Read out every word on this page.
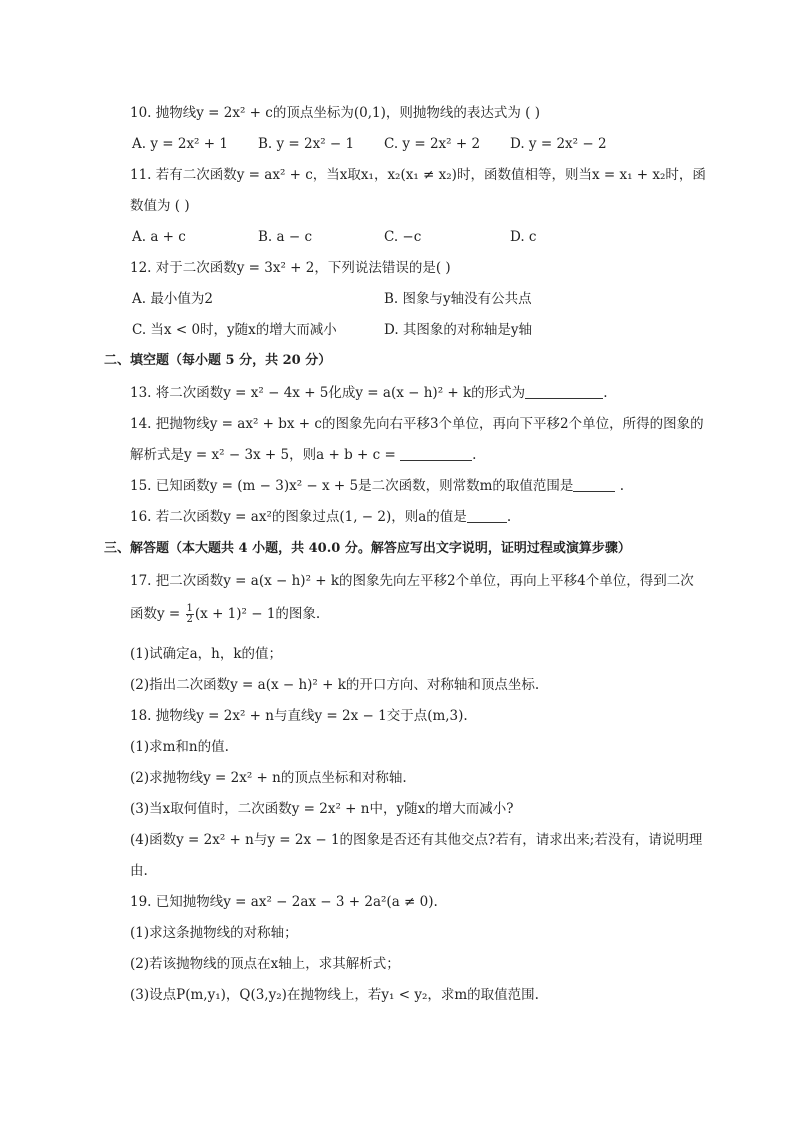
10. 抛物线y = 2x² + c的顶点坐标为(0,1)，则抛物线的表达式为 ( )
A. y = 2x² + 1 B. y = 2x² − 1 C. y = 2x² + 2 D. y = 2x² − 2
11. 若有二次函数y = ax² + c，当x取x₁，x₂(x₁ ≠ x₂)时，函数值相等，则当x = x₁ + x₂时，函
数值为 ( )
A. a + c	B. a − c	C. −c	D. c
12. 对于二次函数y = 3x² + 2，下列说法错误的是( )
A. 最小值为2	B. 图象与y轴没有公共点
C. 当x < 0时，y随x的增大而减小	D. 其图象的对称轴是y轴
二、填空题（每小题 5 分，共 20 分）
13. 将二次函数y = x² − 4x + 5化成y = a(x − h)² + k的形式为	.
14. 把抛物线y = ax² + bx + c的图象先向右平移3个单位，再向下平移2个单位，所得的图象的
解析式是y = x² − 3x + 5，则a + b + c =	.
15. 已知函数y = (m − 3)x² − x + 5是二次函数，则常数m的取值范围是	.
16. 若二次函数y = ax²的图象过点(1, − 2)，则a的值是	.
三、解答题（本大题共 4 小题，共 40.0 分。解答应写出文字说明，证明过程或演算步骤）
17. 把二次函数y = a(x − h)² + k的图象先向左平移2个单位，再向上平移4个单位，得到二次
函数$y = \frac{1}{2} (x + 1)^2 - 1$的图象.
(1)试确定a，h，k的值；
(2)指出二次函数y = a(x − h)² + k的开口方向、对称轴和顶点坐标.
18. 抛物线y = 2x² + n与直线y = 2x − 1交于点(m,3).
(1)求m和n的值.
(2)求抛物线y = 2x² + n的顶点坐标和对称轴.
(3)当x取何值时，二次函数y = 2x² + n中，y随x的增大而减小?
(4)函数y = 2x² + n与y = 2x − 1的图象是否还有其他交点?若有，请求出来;若没有，请说明理
由.
19. 已知抛物线y = ax² − 2ax − 3 + 2a²(a ≠ 0).
(1)求这条抛物线的对称轴；
(2)若该抛物线的顶点在x轴上，求其解析式；
(3)设点P(m,y₁)，Q(3,y₂)在抛物线上，若y₁ < y₂，求m的取值范围.
